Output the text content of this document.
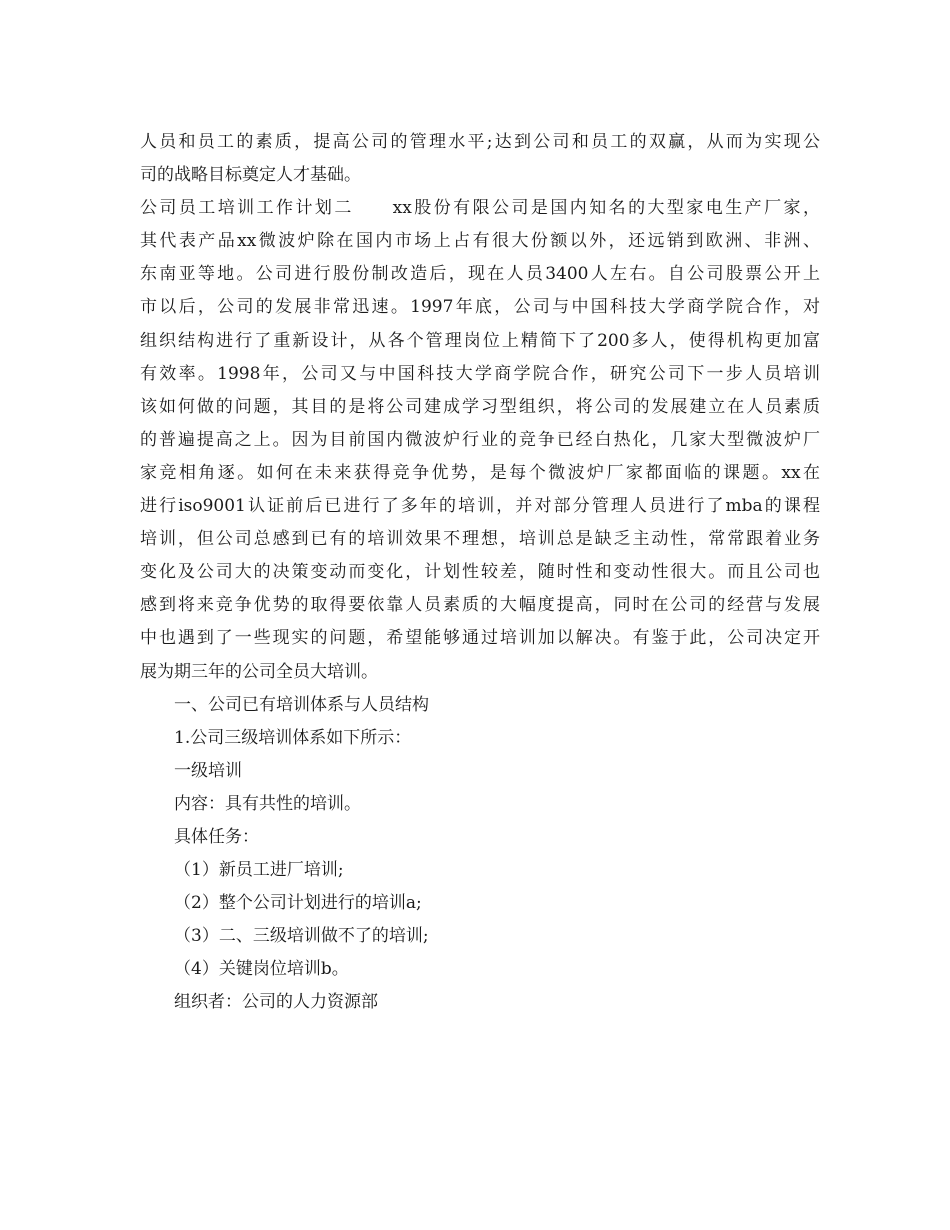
人员和员工的素质，提高公司的管理水平;达到公司和员工的双赢，从而为实现公
司的战略目标奠定人才基础。
公司员工培训工作计划二　　xx股份有限公司是国内知名的大型家电生产厂家，
其代表产品xx微波炉除在国内市场上占有很大份额以外，还远销到欧洲、非洲、
东南亚等地。公司进行股份制改造后，现在人员3400人左右。自公司股票公开上
市以后，公司的发展非常迅速。1997年底，公司与中国科技大学商学院合作，对
组织结构进行了重新设计，从各个管理岗位上精简下了200多人，使得机构更加富
有效率。1998年，公司又与中国科技大学商学院合作，研究公司下一步人员培训
该如何做的问题，其目的是将公司建成学习型组织，将公司的发展建立在人员素质
的普遍提高之上。因为目前国内微波炉行业的竞争已经白热化，几家大型微波炉厂
家竞相角逐。如何在未来获得竞争优势，是每个微波炉厂家都面临的课题。xx在
进行iso9001认证前后已进行了多年的培训，并对部分管理人员进行了mba的课程
培训，但公司总感到已有的培训效果不理想，培训总是缺乏主动性，常常跟着业务
变化及公司大的决策变动而变化，计划性较差，随时性和变动性很大。而且公司也
感到将来竞争优势的取得要依靠人员素质的大幅度提高，同时在公司的经营与发展
中也遇到了一些现实的问题，希望能够通过培训加以解决。有鉴于此，公司决定开
展为期三年的公司全员大培训。
一、公司已有培训体系与人员结构
1.公司三级培训体系如下所示：
一级培训
内容：具有共性的培训。
具体任务：
（1）新员工进厂培训;
（2）整个公司计划进行的培训a;
（3）二、三级培训做不了的培训;
（4）关键岗位培训b。
组织者：公司的人力资源部
